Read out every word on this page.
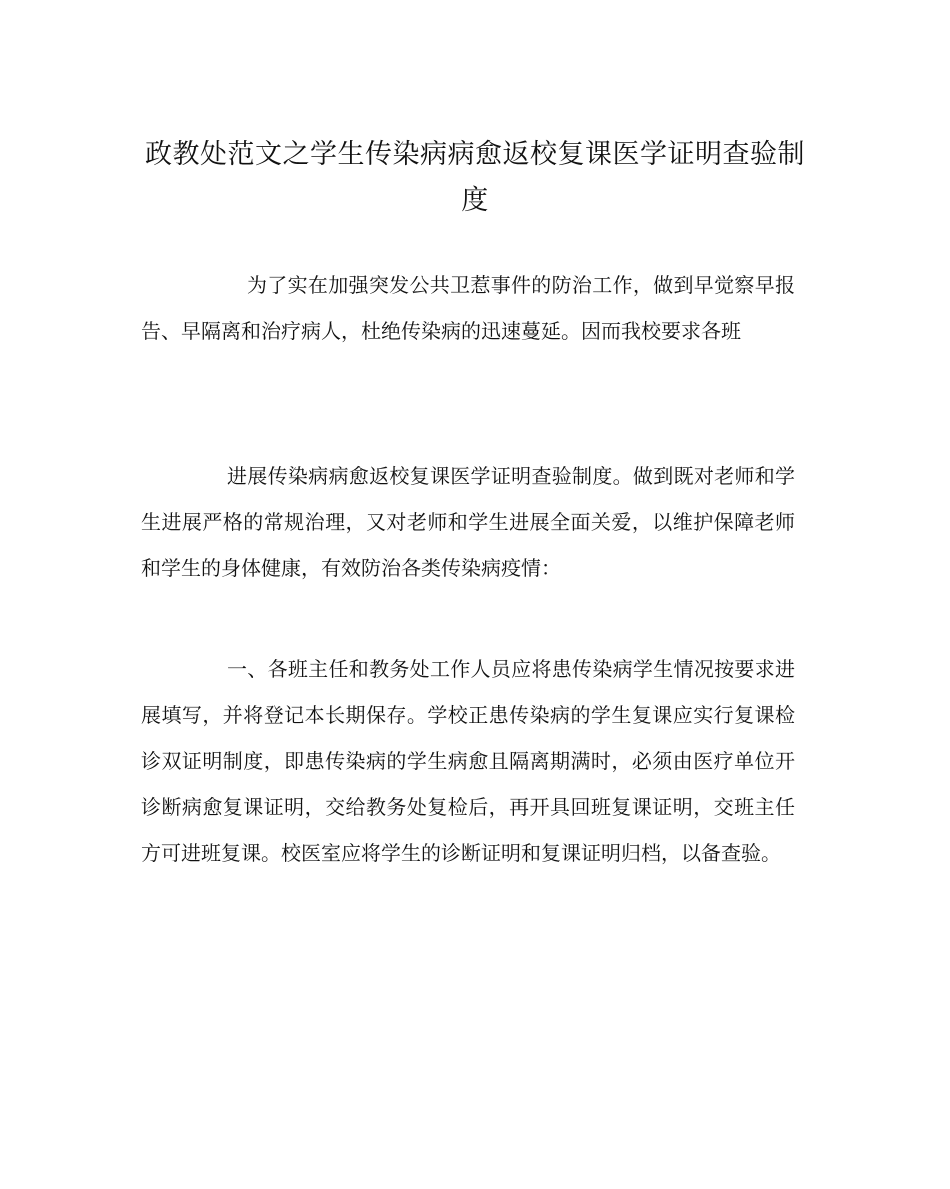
政教处范文之学生传染病病愈返校复课医学证明查验制度

为了实在加强突发公共卫惹事件的防治工作，做到早觉察早报告、早隔离和治疗病人，杜绝传染病的迅速蔓延。因而我校要求各班

进展传染病病愈返校复课医学证明查验制度。做到既对老师和学生进展严格的常规治理，又对老师和学生进展全面关爱，以维护保障老师和学生的身体健康，有效防治各类传染病疫情：

一、各班主任和教务处工作人员应将患传染病学生情况按要求进展填写，并将登记本长期保存。学校正患传染病的学生复课应实行复课检诊双证明制度，即患传染病的学生病愈且隔离期满时，必须由医疗单位开诊断病愈复课证明，交给教务处复检后，再开具回班复课证明，交班主任方可进班复课。校医室应将学生的诊断证明和复课证明归档，以备查验。
